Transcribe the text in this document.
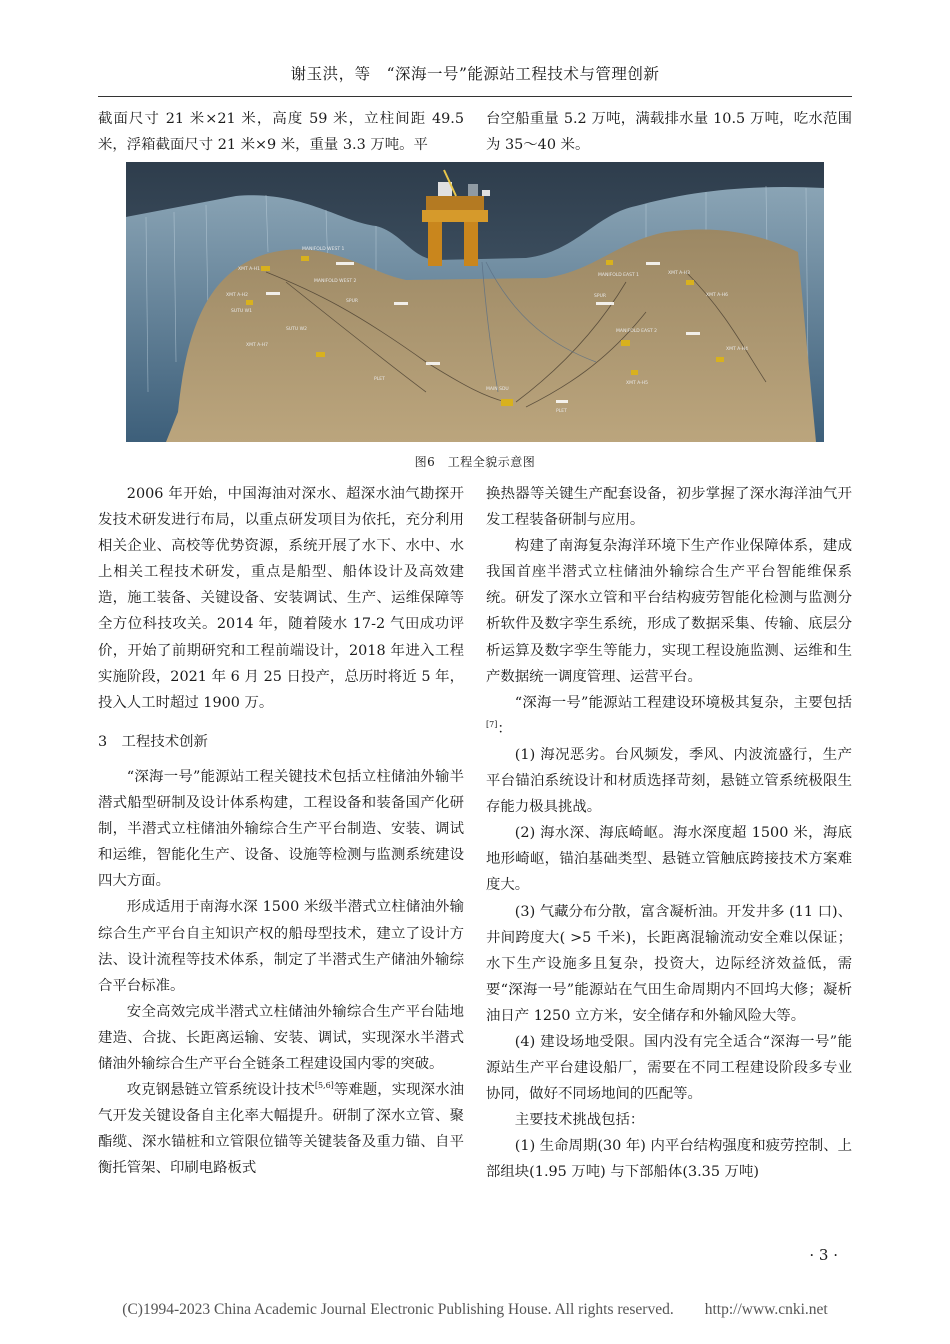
谢玉洪，等　“深海一号”能源站工程技术与管理创新

截面尺寸 21 米×21 米，高度 59 米，立柱间距 49.5 米，浮箱截面尺寸 21 米×9 米，重量 3.3 万吨。平

台空船重量 5.2 万吨，满载排水量 10.5 万吨，吃水范围为 35～40 米。

XMT A-H1
MANIFOLD WEST 1
XMT A-H2
MANIFOLD WEST 2
SUTU W1
SPUR
SUTU W2
MAIN SDU
PLET
MANIFOLD EAST 1
MANIFOLD EAST 2
XMT A-H3
SPUR
XMT A-H4
XMT A-H5
XMT A-H6
PLET
XMT A-H7
图6　工程全貌示意图

2006 年开始，中国海油对深水、超深水油气勘探开发技术研发进行布局，以重点研发项目为依托，充分利用相关企业、高校等优势资源，系统开展了水下、水中、水上相关工程技术研发，重点是船型、船体设计及高效建造，施工装备、关键设备、安装调试、生产、运维保障等全方位科技攻关。2014 年，随着陵水 17-2 气田成功评价，开始了前期研究和工程前端设计，2018 年进入工程实施阶段，2021 年 6 月 25 日投产，总历时将近 5 年，投入人工时超过 1900 万。

3　工程技术创新

“深海一号”能源站工程关键技术包括立柱储油外输半潜式船型研制及设计体系构建，工程设备和装备国产化研制，半潜式立柱储油外输综合生产平台制造、安装、调试和运维，智能化生产、设备、设施等检测与监测系统建设四大方面。

形成适用于南海水深 1500 米级半潜式立柱储油外输综合生产平台自主知识产权的船母型技术，建立了设计方法、设计流程等技术体系，制定了半潜式生产储油外输综合平台标准。

安全高效完成半潜式立柱储油外输综合生产平台陆地建造、合拢、长距离运输、安装、调试，实现深水半潜式储油外输综合生产平台全链条工程建设国内零的突破。

攻克钢悬链立管系统设计技术[5,6]等难题，实现深水油气开发关键设备自主化率大幅提升。研制了深水立管、聚酯缆、深水锚桩和立管限位锚等关键装备及重力锚、自平衡托管架、印刷电路板式

换热器等关键生产配套设备，初步掌握了深水海洋油气开发工程装备研制与应用。

构建了南海复杂海洋环境下生产作业保障体系，建成我国首座半潜式立柱储油外输综合生产平台智能维保系统。研发了深水立管和平台结构疲劳智能化检测与监测分析软件及数字孪生系统，形成了数据采集、传输、底层分析运算及数字孪生等能力，实现工程设施监测、运维和生产数据统一调度管理、运营平台。

“深海一号”能源站工程建设环境极其复杂，主要包括[7]：

(1) 海况恶劣。台风频发，季风、内波流盛行，生产平台锚泊系统设计和材质选择苛刻，悬链立管系统极限生存能力极具挑战。

(2) 海水深、海底崎岖。海水深度超 1500 米，海底地形崎岖，锚泊基础类型、悬链立管触底跨接技术方案难度大。

(3) 气藏分布分散，富含凝析油。开发井多 (11 口)、井间跨度大( >5 千米)，长距离混输流动安全难以保证；水下生产设施多且复杂，投资大，边际经济效益低，需要“深海一号”能源站在气田生命周期内不回坞大修；凝析油日产 1250 立方米，安全储存和外输风险大等。

(4) 建设场地受限。国内没有完全适合“深海一号”能源站生产平台建设船厂，需要在不同工程建设阶段多专业协同，做好不同场地间的匹配等。

主要技术挑战包括：

(1) 生命周期(30 年) 内平台结构强度和疲劳控制、上部组块(1.95 万吨) 与下部船体(3.35 万吨)

· 3 ·
(C)1994-2023 China Academic Journal Electronic Publishing House. All rights reserved.　　http://www.cnki.net
